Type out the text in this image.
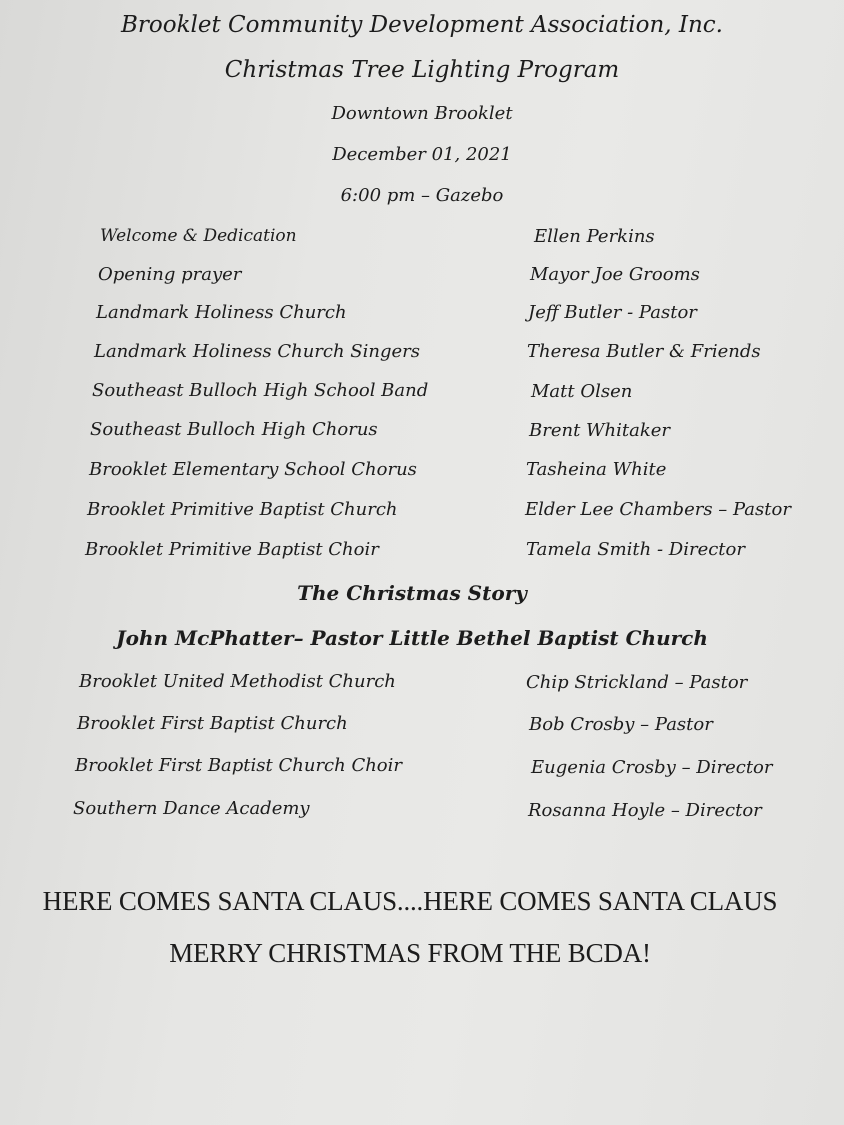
Brooklet Community Development Association, Inc.
Christmas Tree Lighting Program
Downtown Brooklet
December 01, 2021
6:00 pm – Gazebo
Welcome & Dedication	Ellen Perkins
Opening prayer	Mayor Joe Grooms
Landmark Holiness Church	Jeff Butler - Pastor
Landmark Holiness Church Singers	Theresa Butler & Friends
Southeast Bulloch High School Band	Matt Olsen
Southeast Bulloch High Chorus	Brent Whitaker
Brooklet Elementary School Chorus	Tasheina White
Brooklet Primitive Baptist Church	Elder Lee Chambers – Pastor
Brooklet Primitive Baptist Choir	Tamela Smith - Director
The Christmas Story
John McPhatter– Pastor Little Bethel Baptist Church
Brooklet United Methodist Church	Chip Strickland – Pastor
Brooklet First Baptist Church	Bob Crosby – Pastor
Brooklet First Baptist Church Choir	Eugenia Crosby – Director
Southern Dance Academy	Rosanna Hoyle – Director
HERE COMES SANTA CLAUS....HERE COMES SANTA CLAUS
MERRY CHRISTMAS FROM THE BCDA!
